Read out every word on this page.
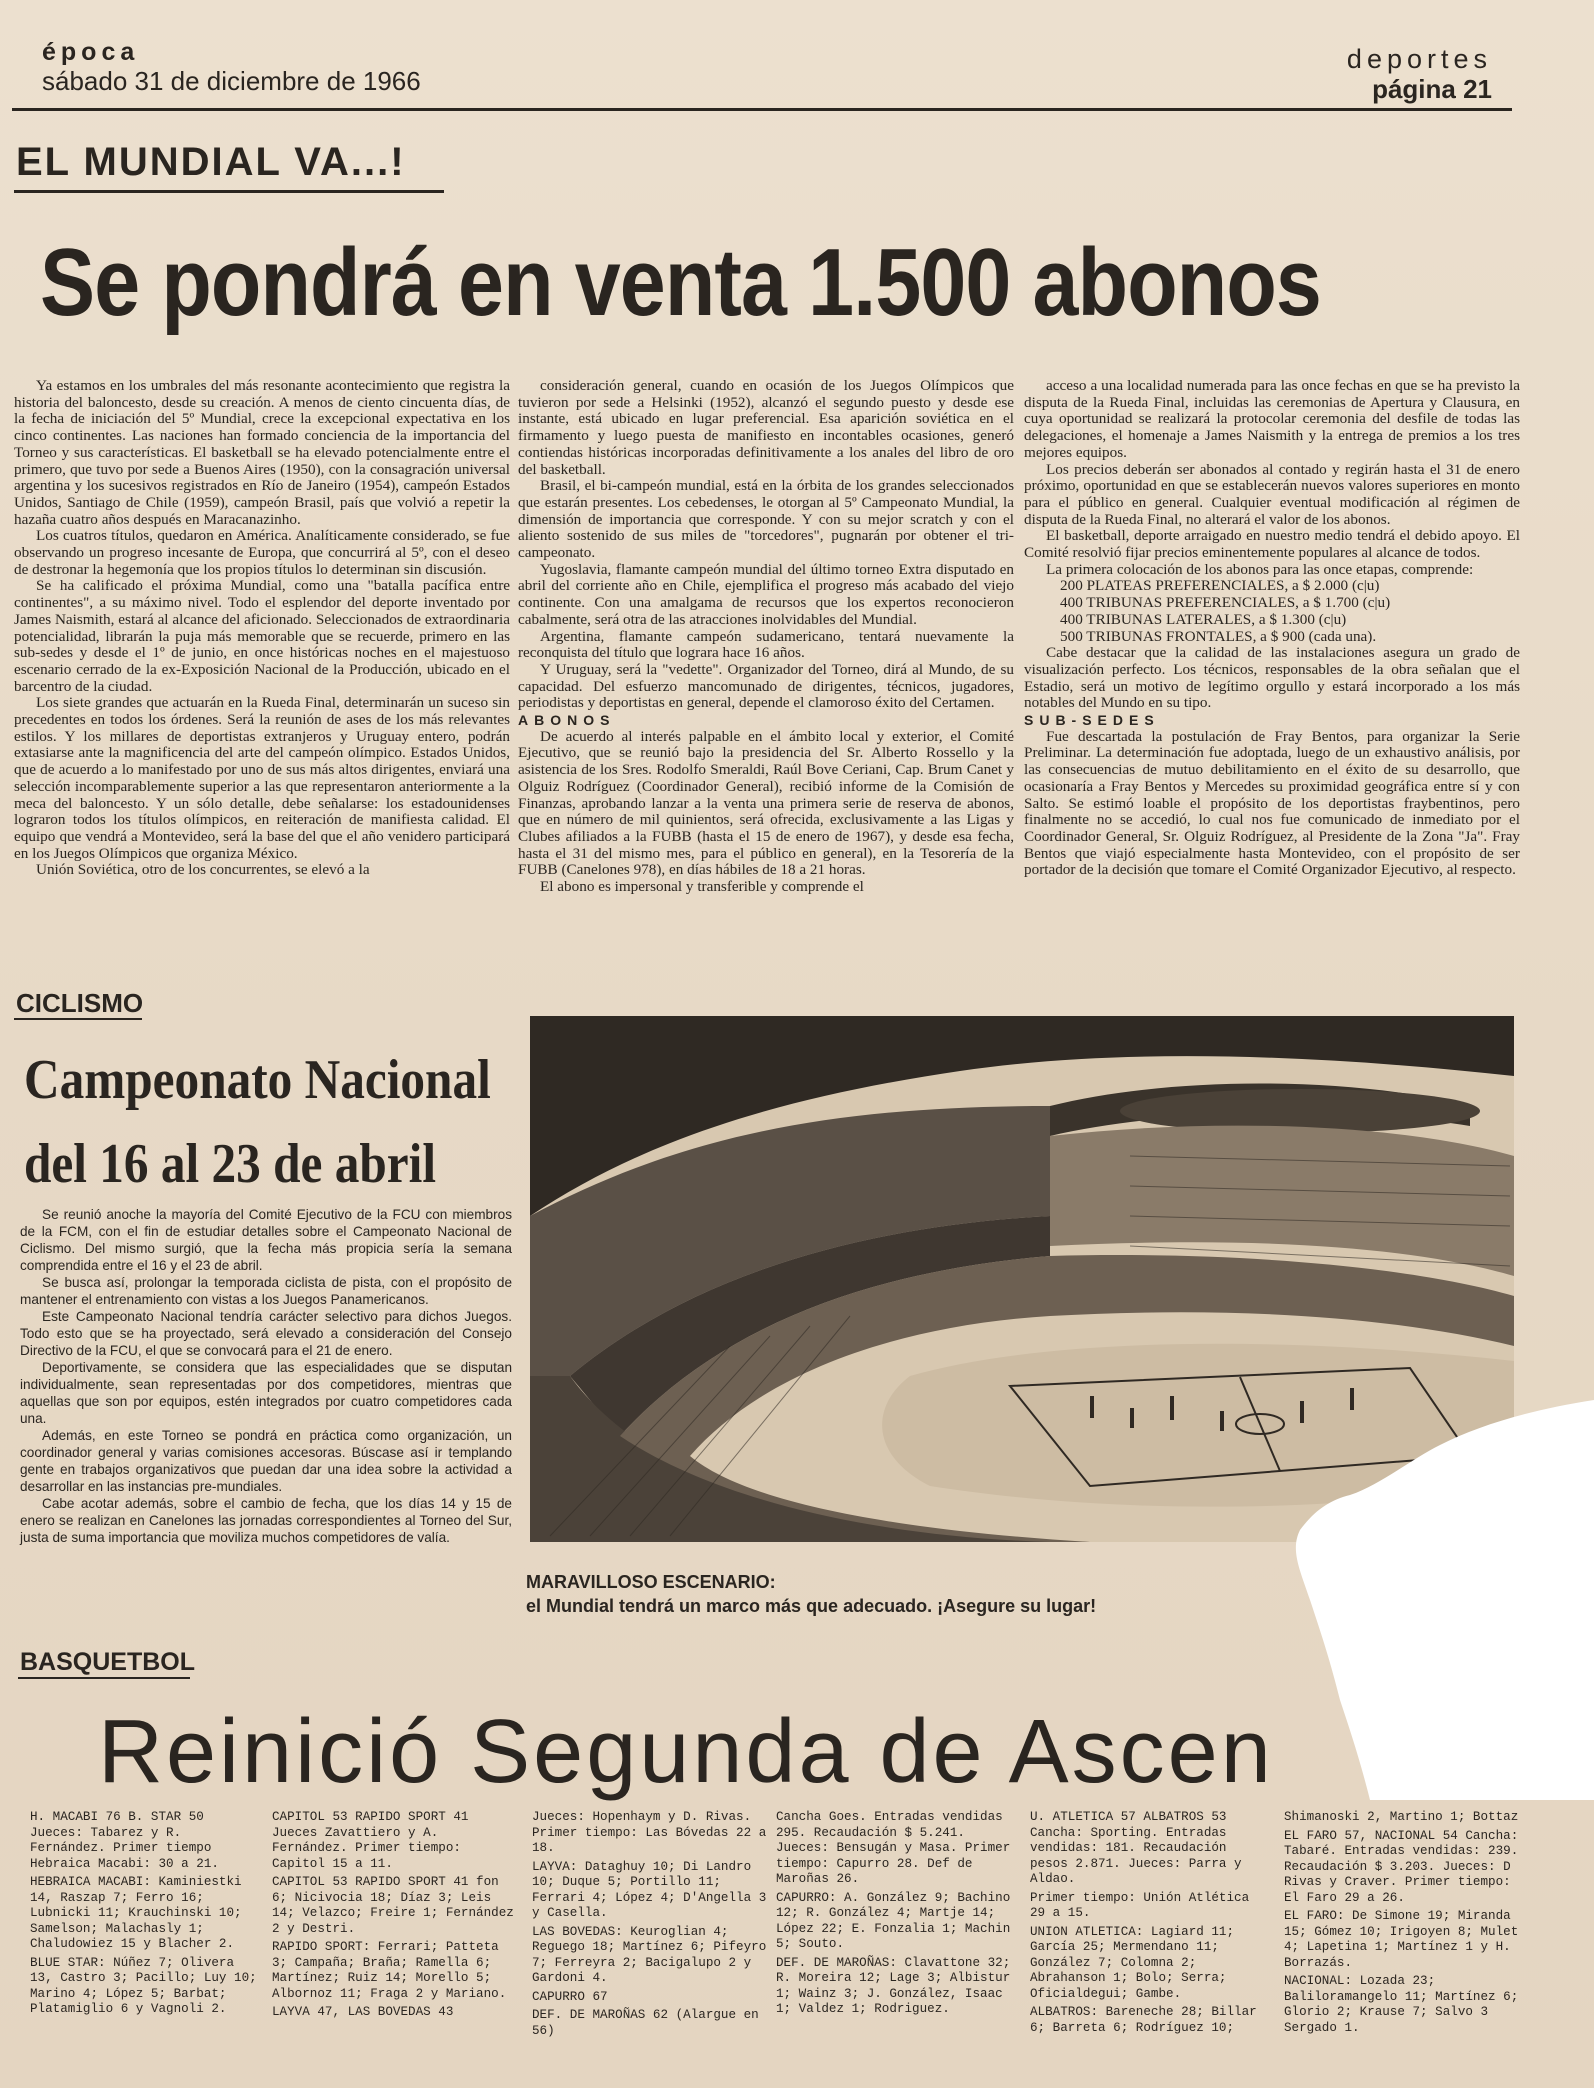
época
sábado 31 de diciembre de 1966
deportes
página 21
EL MUNDIAL VA...!
Se pondrá en venta 1.500 abonos

Ya estamos en los umbrales del más resonante acontecimiento que registra la historia del baloncesto, desde su creación. A menos de ciento cincuenta días, de la fecha de iniciación del 5º Mundial, crece la excepcional expectativa en los cinco continentes. Las naciones han formado conciencia de la importancia del Torneo y sus características. El basketball se ha elevado potencialmente entre el primero, que tuvo por sede a Buenos Aires (1950), con la consagración universal argentina y los sucesivos registrados en Río de Janeiro (1954), campeón Estados Unidos, Santiago de Chile (1959), campeón Brasil, país que volvió a repetir la hazaña cuatro años después en Maracanazinho.

Los cuatros títulos, quedaron en América. Analíticamente considerado, se fue observando un progreso incesante de Europa, que concurrirá al 5º, con el deseo de destronar la hegemonía que los propios títulos lo determinan sin discusión.

Se ha calificado el próxima Mundial, como una "batalla pacífica entre continentes", a su máximo nivel. Todo el esplendor del deporte inventado por James Naismith, estará al alcance del aficionado. Seleccionados de extraordinaria potencialidad, librarán la puja más memorable que se recuerde, primero en las sub-sedes y desde el 1º de junio, en once históricas noches en el majestuoso escenario cerrado de la ex-Exposición Nacional de la Producción, ubicado en el barcentro de la ciudad.

Los siete grandes que actuarán en la Rueda Final, determinarán un suceso sin precedentes en todos los órdenes. Será la reunión de ases de los más relevantes estilos. Y los millares de deportistas extranjeros y Uruguay entero, podrán extasiarse ante la magnificencia del arte del campeón olímpico. Estados Unidos, que de acuerdo a lo manifestado por uno de sus más altos dirigentes, enviará una selección incomparablemente superior a las que representaron anteriormente a la meca del baloncesto. Y un sólo detalle, debe señalarse: los estadounidenses lograron todos los títulos olímpicos, en reiteración de manifiesta calidad. El equipo que vendrá a Montevideo, será la base del que el año venidero participará en los Juegos Olímpicos que organiza México.

Unión Soviética, otro de los concurrentes, se elevó a la

consideración general, cuando en ocasión de los Juegos Olímpicos que tuvieron por sede a Helsinki (1952), alcanzó el segundo puesto y desde ese instante, está ubicado en lugar preferencial. Esa aparición soviética en el firmamento y luego puesta de manifiesto en incontables ocasiones, generó contiendas históricas incorporadas definitivamente a los anales del libro de oro del basketball.

Brasil, el bi-campeón mundial, está en la órbita de los grandes seleccionados que estarán presentes. Los cebedenses, le otorgan al 5º Campeonato Mundial, la dimensión de importancia que corresponde. Y con su mejor scratch y con el aliento sostenido de sus miles de "torcedores", pugnarán por obtener el tri-campeonato.

Yugoslavia, flamante campeón mundial del último torneo Extra disputado en abril del corriente año en Chile, ejemplifica el progreso más acabado del viejo continente. Con una amalgama de recursos que los expertos reconocieron cabalmente, será otra de las atracciones inolvidables del Mundial.

Argentina, flamante campeón sudamericano, tentará nuevamente la reconquista del título que lograra hace 16 años.

Y Uruguay, será la "vedette". Organizador del Torneo, dirá al Mundo, de su capacidad. Del esfuerzo mancomunado de dirigentes, técnicos, jugadores, periodistas y deportistas en general, depende el clamoroso éxito del Certamen.

ABONOS

De acuerdo al interés palpable en el ámbito local y exterior, el Comité Ejecutivo, que se reunió bajo la presidencia del Sr. Alberto Rossello y la asistencia de los Sres. Rodolfo Smeraldi, Raúl Bove Ceriani, Cap. Brum Canet y Olguiz Rodríguez (Coordinador General), recibió informe de la Comisión de Finanzas, aprobando lanzar a la venta una primera serie de reserva de abonos, que en número de mil quinientos, será ofrecida, exclusivamente a las Ligas y Clubes afiliados a la FUBB (hasta el 15 de enero de 1967), y desde esa fecha, hasta el 31 del mismo mes, para el público en general), en la Tesorería de la FUBB (Canelones 978), en días hábiles de 18 a 21 horas.

El abono es impersonal y transferible y comprende el

acceso a una localidad numerada para las once fechas en que se ha previsto la disputa de la Rueda Final, incluidas las ceremonias de Apertura y Clausura, en cuya oportunidad se realizará la protocolar ceremonia del desfile de todas las delegaciones, el homenaje a James Naismith y la entrega de premios a los tres mejores equipos.

Los precios deberán ser abonados al contado y regirán hasta el 31 de enero próximo, oportunidad en que se establecerán nuevos valores superiores en monto para el público en general. Cualquier eventual modificación al régimen de disputa de la Rueda Final, no alterará el valor de los abonos.

El basketball, deporte arraigado en nuestro medio tendrá el debido apoyo. El Comité resolvió fijar precios eminentemente populares al alcance de todos.

La primera colocación de los abonos para las once etapas, comprende:

200 PLATEAS PREFERENCIALES, a $ 2.000 (c|u)
400 TRIBUNAS PREFERENCIALES, a $ 1.700 (c|u)
400 TRIBUNAS LATERALES, a $ 1.300 (c|u)
500 TRIBUNAS FRONTALES, a $ 900 (cada una).

Cabe destacar que la calidad de las instalaciones asegura un grado de visualización perfecto. Los técnicos, responsables de la obra señalan que el Estadio, será un motivo de legítimo orgullo y estará incorporado a los más notables del Mundo en su tipo.

SUB-SEDES

Fue descartada la postulación de Fray Bentos, para organizar la Serie Preliminar. La determinación fue adoptada, luego de un exhaustivo análisis, por las consecuencias de mutuo debilitamiento en el éxito de su desarrollo, que ocasionaría a Fray Bentos y Mercedes su proximidad geográfica entre sí y con Salto. Se estimó loable el propósito de los deportistas fraybentinos, pero finalmente no se accedió, lo cual nos fue comunicado de inmediato por el Coordinador General, Sr. Olguiz Rodríguez, al Presidente de la Zona "Ja". Fray Bentos que viajó especialmente hasta Montevideo, con el propósito de ser portador de la decisión que tomare el Comité Organizador Ejecutivo, al respecto.

CICLISMO
Campeonato Nacional
del 16 al 23 de abril

Se reunió anoche la mayoría del Comité Ejecutivo de la FCU con miembros de la FCM, con el fin de estudiar detalles sobre el Campeonato Nacional de Ciclismo. Del mismo surgió, que la fecha más propicia sería la semana comprendida entre el 16 y el 23 de abril.

Se busca así, prolongar la temporada ciclista de pista, con el propósito de mantener el entrenamiento con vistas a los Juegos Panamericanos.

Este Campeonato Nacional tendría carácter selectivo para dichos Juegos. Todo esto que se ha proyectado, será elevado a consideración del Consejo Directivo de la FCU, el que se convocará para el 21 de enero.

Deportivamente, se considera que las especialidades que se disputan individualmente, sean representadas por dos competidores, mientras que aquellas que son por equipos, estén integrados por cuatro competidores cada una.

Además, en este Torneo se pondrá en práctica como organización, un coordinador general y varias comisiones accesoras. Búscase así ir templando gente en trabajos organizativos que puedan dar una idea sobre la actividad a desarrollar en las instancias pre-mundiales.

Cabe acotar además, sobre el cambio de fecha, que los días 14 y 15 de enero se realizan en Canelones las jornadas correspondientes al Torneo del Sur, justa de suma importancia que moviliza muchos competidores de valía.

MARAVILLOSO ESCENARIO:
el Mundial tendrá un marco más que adecuado. ¡Asegure su lugar!
BASQUETBOL
Reinició Segunda de Ascen

H. MACABI 76 B. STAR 50 Jueces: Tabarez y R. Fernández. Primer tiempo Hebraica Macabi: 30 a 21.

HEBRAICA MACABI: Kaminiestki 14, Raszap 7; Ferro 16; Lubnicki 11; Krauchinski 10; Samelson; Malachasly 1; Chaludowiez 15 y Blacher 2.

BLUE STAR: Núñez 7; Olivera 13, Castro 3; Pacillo; Luy 10; Marino 4; López 5; Barbat; Platamiglio 6 y Vagnoli 2.

CAPITOL 53 RAPIDO SPORT 41 Jueces Zavattiero y A. Fernández. Primer tiempo: Capitol 15 a 11.

CAPITOL 53 RAPIDO SPORT 41 fon 6; Nicivocia 18; Díaz 3; Leis 14; Velazco; Freire 1; Fernández 2 y Destri.

RAPIDO SPORT: Ferrari; Patteta 3; Campaña; Braña; Ramella 6; Martínez; Ruiz 14; Morello 5; Albornoz 11; Fraga 2 y Mariano.

LAYVA 47, LAS BOVEDAS 43

Jueces: Hopenhaym y D. Rivas. Primer tiempo: Las Bóvedas 22 a 18.

LAYVA: Dataghuy 10; Di Landro 10; Duque 5; Portillo 11; Ferrari 4; López 4; D'Angella 3 y Casella.

LAS BOVEDAS: Keuroglian 4; Reguego 18; Martínez 6; Pifeyro 7; Ferreyra 2; Bacigalupo 2 y Gardoni 4.

CAPURRO 67

DEF. DE MAROÑAS 62 (Alargue en 56)

Cancha Goes. Entradas vendidas 295. Recaudación $ 5.241. Jueces: Bensugán y Masa. Primer tiempo: Capurro 28. Def de Maroñas 26.

CAPURRO: A. González 9; Bachino 12; R. González 4; Martje 14; López 22; E. Fonzalia 1; Machin 5; Souto.

DEF. DE MAROÑAS: Clavattone 32; R. Moreira 12; Lage 3; Albistur 1; Wainz 3; J. González, Isaac 1; Valdez 1; Rodriguez.

U. ATLETICA 57 ALBATROS 53 Cancha: Sporting. Entradas vendidas: 181. Recaudación pesos 2.871. Jueces: Parra y Aldao.

Primer tiempo: Unión Atlética 29 a 15.

UNION ATLETICA: Lagiard 11; García 25; Mermendano 11; González 7; Colomna 2; Abrahanson 1; Bolo; Serra; Oficialdegui; Gambe.

ALBATROS: Bareneche 28; Billar 6; Barreta 6; Rodríguez 10;

Shimanoski 2, Martino 1; Bottaz

EL FARO 57, NACIONAL 54 Cancha: Tabaré. Entradas vendidas: 239. Recaudación $ 3.203. Jueces: D Rivas y Craver. Primer tiempo: El Faro 29 a 26.

EL FARO: De Simone 19; Miranda 15; Gómez 10; Irigoyen 8; Mulet 4; Lapetina 1; Martínez 1 y H. Borrazás.

NACIONAL: Lozada 23; Baliloramangelo 11; Martínez 6; Glorio 2; Krause 7; Salvo 3 Sergado 1.
